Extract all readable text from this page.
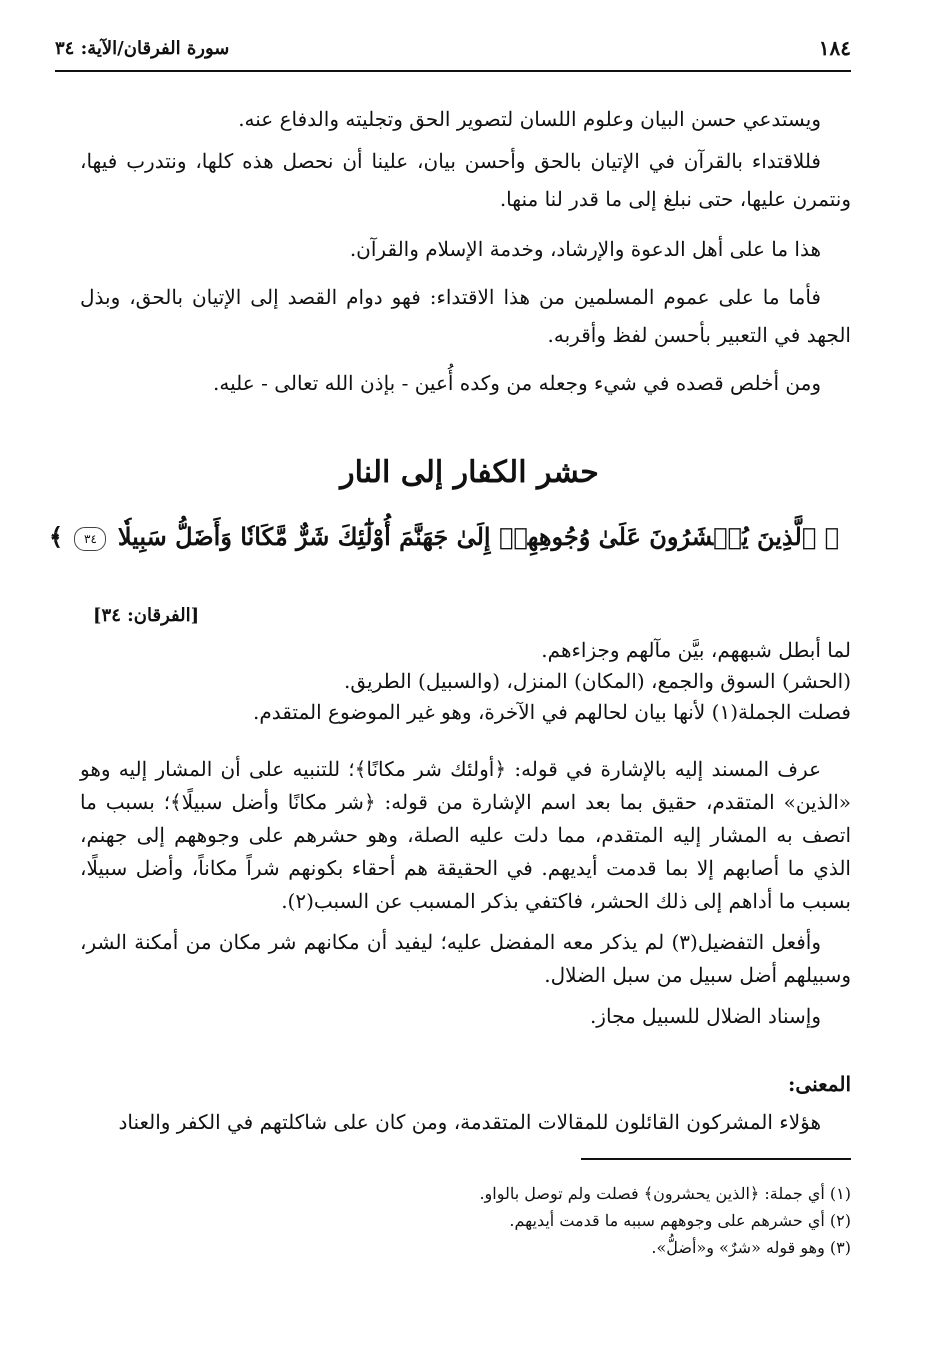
١٨٤
سورة الفرقان/الآية: ٣٤

ويستدعي حسن البيان وعلوم اللسان لتصوير الحق وتجليته والدفاع عنه.

فللاقتداء بالقرآن في الإتيان بالحق وأحسن بيان، علينا أن نحصل هذه كلها، ونتدرب فيها، ونتمرن عليها، حتى نبلغ إلى ما قدر لنا منها.

هذا ما على أهل الدعوة والإرشاد، وخدمة الإسلام والقرآن.

فأما ما على عموم المسلمين من هذا الاقتداء: فهو دوام القصد إلى الإتيان بالحق، وبذل الجهد في التعبير بأحسن لفظ وأقربه.

ومن أخلص قصده في شيء وجعله من وكده أُعين - بإذن الله تعالى - عليه.

حشر الكفار إلى النار
﴿ ٱلَّذِينَ يُحۡشَرُونَ عَلَىٰ وُجُوهِهِمۡ إِلَىٰ جَهَنَّمَ أُوْلَٰٓئِكَ شَرٌّ مَّكَانٗا وَأَضَلُّ سَبِيلٗا ٣٤ ﴾
[الفرقان: ٣٤]

لما أبطل شبههم، بيَّن مآلهم وجزاءهم.

(الحشر) السوق والجمع، (المكان) المنزل، (والسبيل) الطريق.

فصلت الجملة(١) لأنها بيان لحالهم في الآخرة، وهو غير الموضوع المتقدم.

عرف المسند إليه بالإشارة في قوله: ﴿أولئك شر مكانًا﴾؛ للتنبيه على أن المشار إليه وهو «الذين» المتقدم، حقيق بما بعد اسم الإشارة من قوله: ﴿شر مكانًا وأضل سبيلًا﴾؛ بسبب ما اتصف به المشار إليه المتقدم، مما دلت عليه الصلة، وهو حشرهم على وجوههم إلى جهنم، الذي ما أصابهم إلا بما قدمت أيديهم. في الحقيقة هم أحقاء بكونهم شراً مكاناً، وأضل سبيلًا، بسبب ما أداهم إلى ذلك الحشر، فاكتفي بذكر المسبب عن السبب(٢).

وأفعل التفضيل(٣) لم يذكر معه المفضل عليه؛ ليفيد أن مكانهم شر مكان من أمكنة الشر، وسبيلهم أضل سبيل من سبل الضلال.

وإسناد الضلال للسبيل مجاز.

المعنى:
هؤلاء المشركون القائلون للمقالات المتقدمة، ومن كان على شاكلتهم في الكفر والعناد

(١) أي جملة: ﴿الذين يحشرون﴾ فصلت ولم توصل بالواو.

(٢) أي حشرهم على وجوههم سببه ما قدمت أيديهم.

(٣) وهو قوله «شرٌ» و«أضلُّ».
